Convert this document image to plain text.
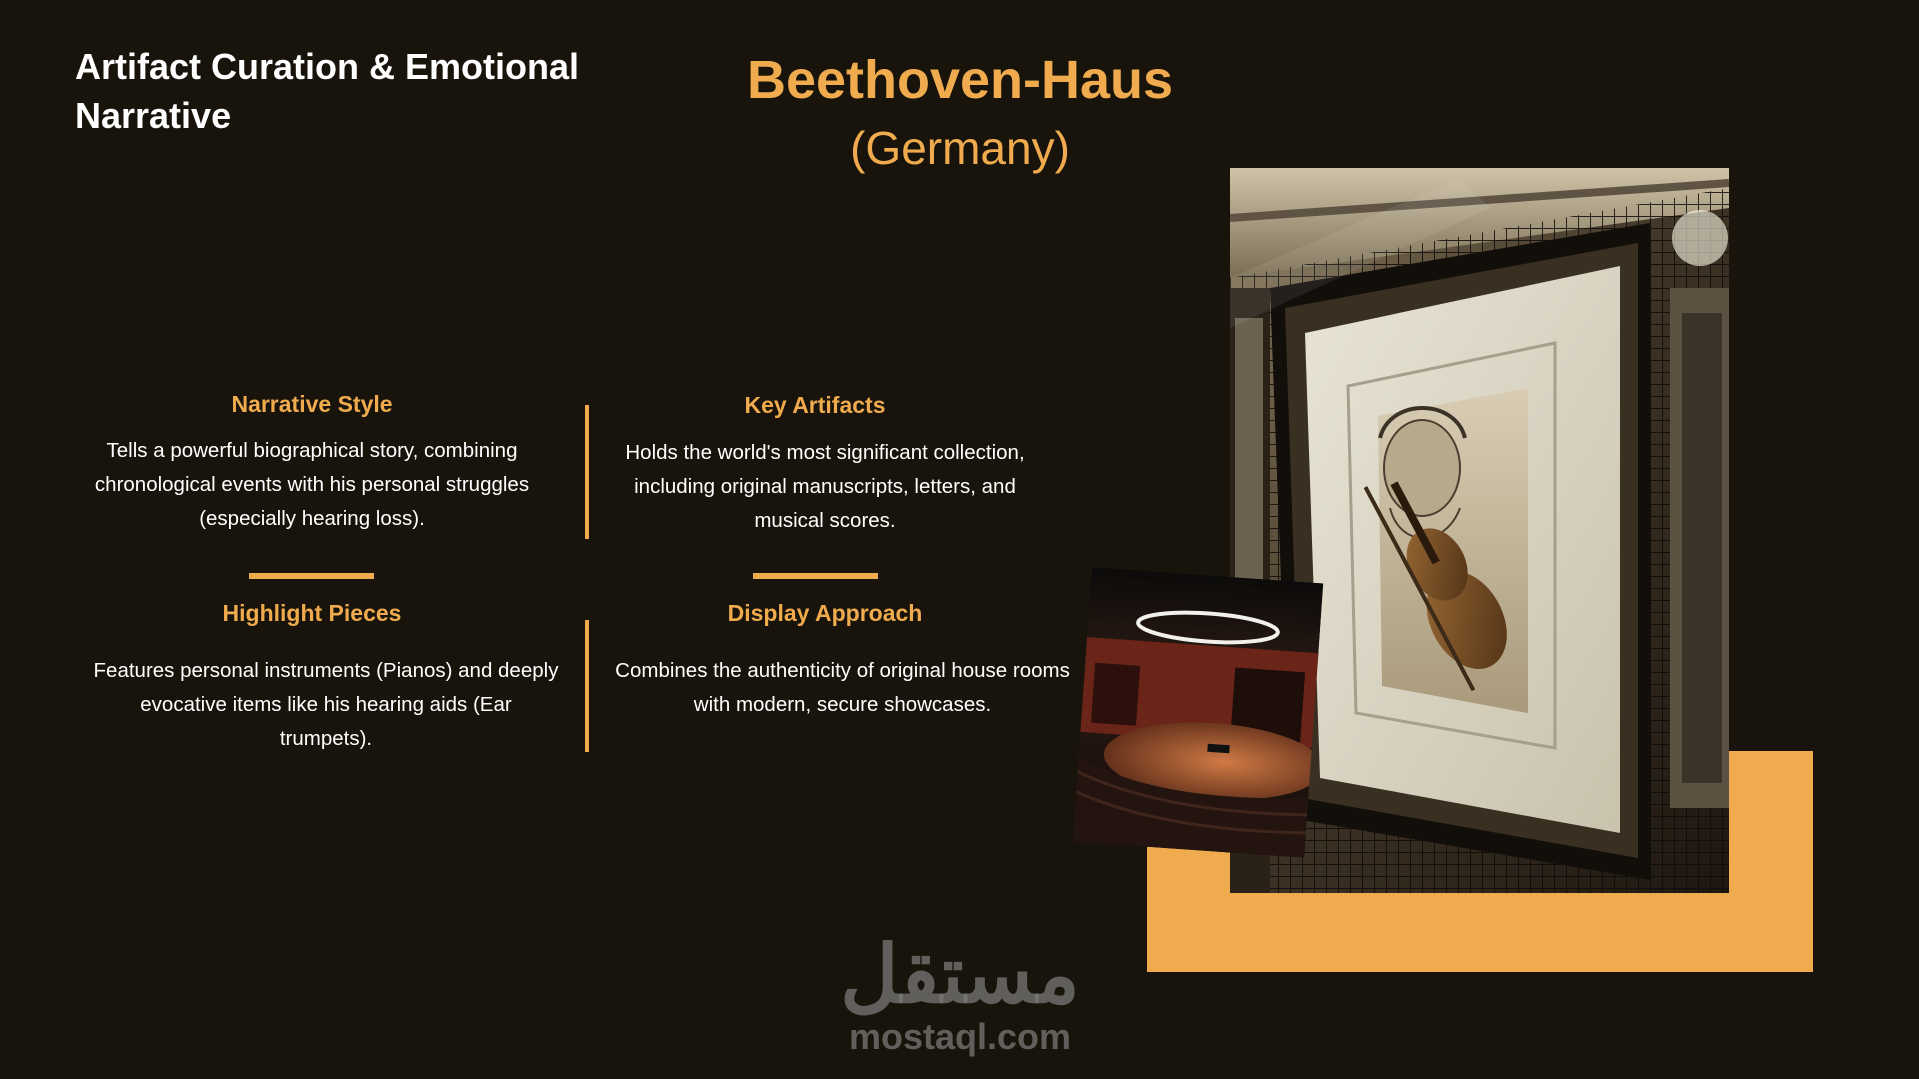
Artifact Curation & Emotional Narrative
Beethoven-Haus
(Germany)
Narrative Style
Tells a powerful biographical story, combining chronological events with his personal struggles (especially hearing loss).
Key Artifacts
Holds the world's most significant collection, including original manuscripts, letters, and musical scores.
Highlight Pieces
Features personal instruments (Pianos) and deeply evocative items like his hearing aids (Ear trumpets).
Display Approach
Combines the authenticity of original house rooms with modern, secure showcases.
مستقل
mostaql.com
